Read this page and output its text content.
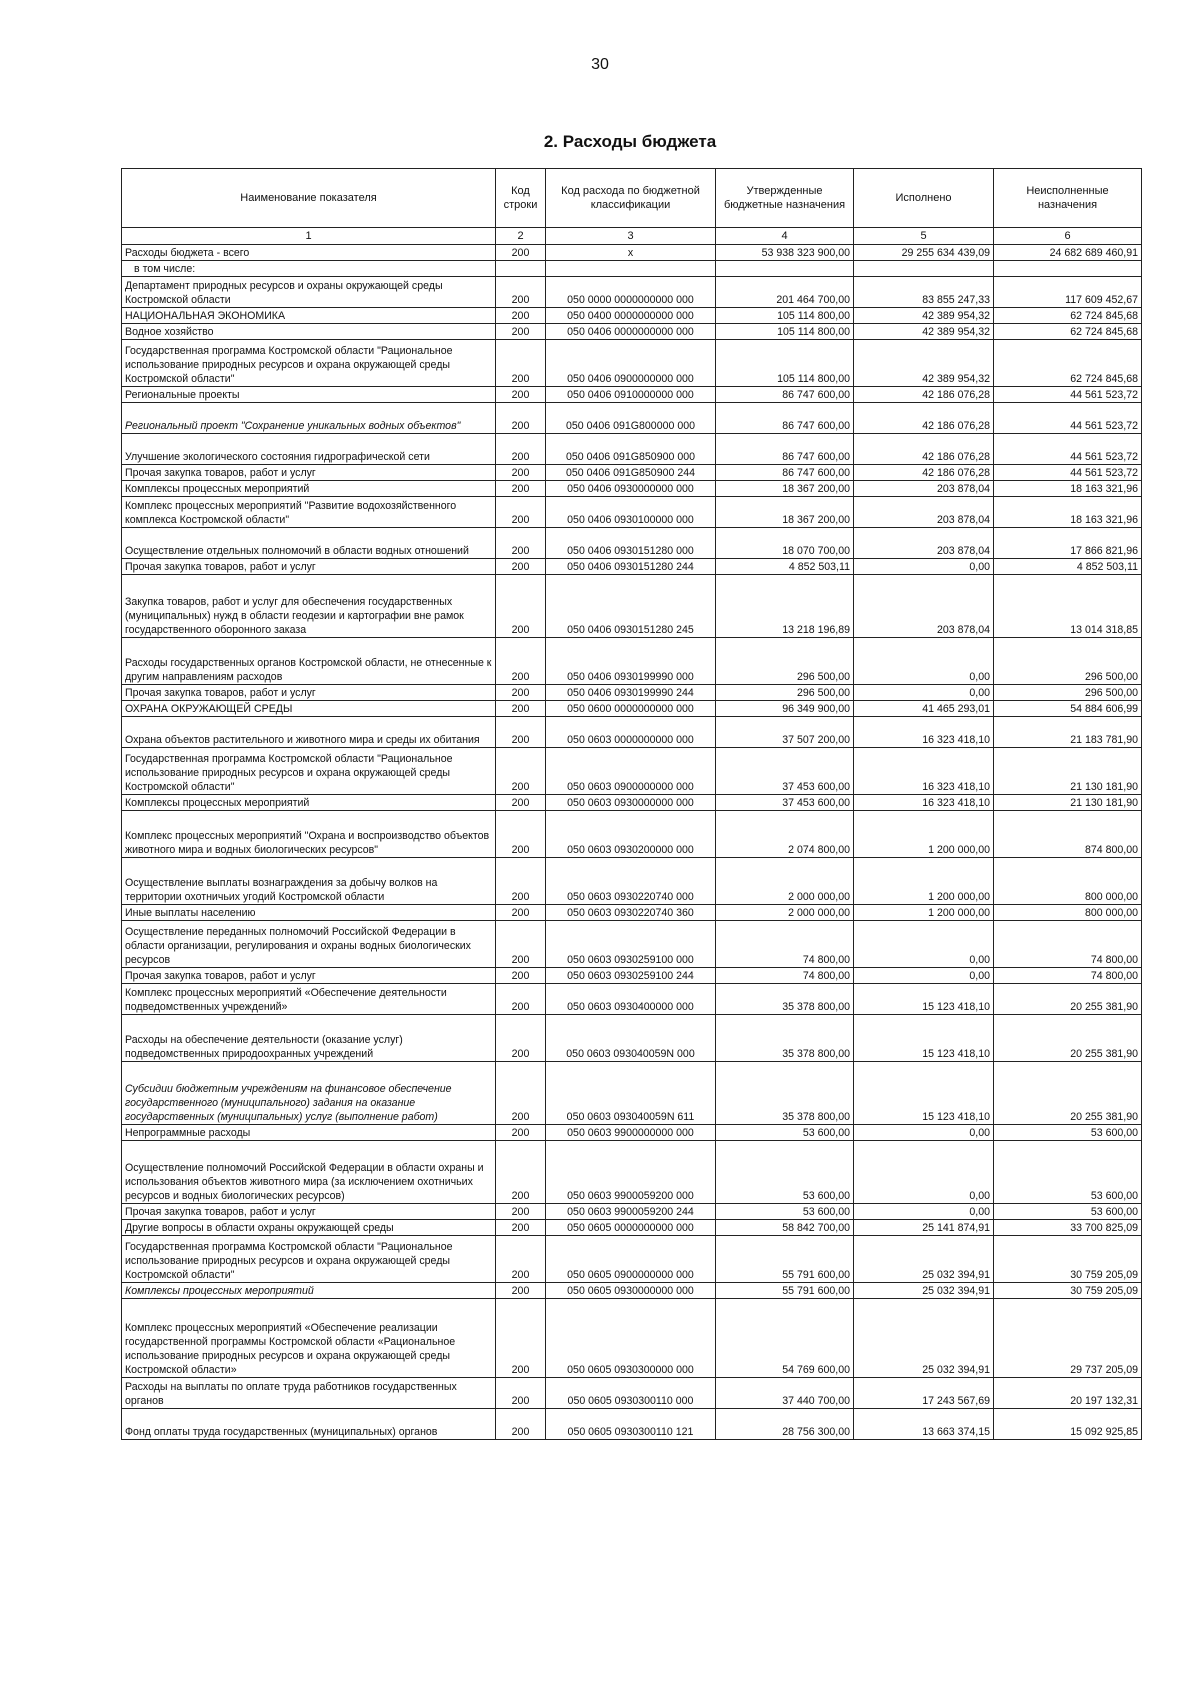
30
2. Расходы бюджета
Наименование показателя	Код строки	Код расхода по бюджетной классификации	Утвержденные бюджетные назначения	Исполнено	Неисполненные назначения
1	2	3	4	5	6
Расходы бюджета - всего	200	x	53 938 323 900,00	29 255 634 439,09	24 682 689 460,91
в том числе:					
Департамент природных ресурсов и охраны окружающей среды Костромской области	200	050 0000 0000000000 000	201 464 700,00	83 855 247,33	117 609 452,67
НАЦИОНАЛЬНАЯ ЭКОНОМИКА	200	050 0400 0000000000 000	105 114 800,00	42 389 954,32	62 724 845,68
Водное хозяйство	200	050 0406 0000000000 000	105 114 800,00	42 389 954,32	62 724 845,68
Государственная программа Костромской области "Рациональное использование природных ресурсов и охрана окружающей среды Костромской области"	200	050 0406 0900000000 000	105 114 800,00	42 389 954,32	62 724 845,68
Региональные проекты	200	050 0406 0910000000 000	86 747 600,00	42 186 076,28	44 561 523,72
Региональный проект "Сохранение уникальных водных объектов"	200	050 0406 091G800000 000	86 747 600,00	42 186 076,28	44 561 523,72
Улучшение экологического состояния гидрографической сети	200	050 0406 091G850900 000	86 747 600,00	42 186 076,28	44 561 523,72
Прочая закупка товаров, работ и услуг	200	050 0406 091G850900 244	86 747 600,00	42 186 076,28	44 561 523,72
Комплексы процессных мероприятий	200	050 0406 0930000000 000	18 367 200,00	203 878,04	18 163 321,96
Комплекс процессных мероприятий "Развитие водохозяйственного комплекса Костромской области"	200	050 0406 0930100000 000	18 367 200,00	203 878,04	18 163 321,96
Осуществление отдельных полномочий в области водных отношений	200	050 0406 0930151280 000	18 070 700,00	203 878,04	17 866 821,96
Прочая закупка товаров, работ и услуг	200	050 0406 0930151280 244	4 852 503,11	0,00	4 852 503,11
Закупка товаров, работ и услуг для обеспечения государственных (муниципальных) нужд в области геодезии и картографии вне рамок государственного оборонного заказа	200	050 0406 0930151280 245	13 218 196,89	203 878,04	13 014 318,85
Расходы государственных органов Костромской области, не отнесенные к другим направлениям расходов	200	050 0406 0930199990 000	296 500,00	0,00	296 500,00
Прочая закупка товаров, работ и услуг	200	050 0406 0930199990 244	296 500,00	0,00	296 500,00
ОХРАНА ОКРУЖАЮЩЕЙ СРЕДЫ	200	050 0600 0000000000 000	96 349 900,00	41 465 293,01	54 884 606,99
Охрана объектов растительного и животного мира и среды их обитания	200	050 0603 0000000000 000	37 507 200,00	16 323 418,10	21 183 781,90
Государственная программа Костромской области "Рациональное использование природных ресурсов и охрана окружающей среды Костромской области"	200	050 0603 0900000000 000	37 453 600,00	16 323 418,10	21 130 181,90
Комплексы процессных мероприятий	200	050 0603 0930000000 000	37 453 600,00	16 323 418,10	21 130 181,90
Комплекс процессных мероприятий "Охрана и воспроизводство объектов животного мира и водных биологических ресурсов"	200	050 0603 0930200000 000	2 074 800,00	1 200 000,00	874 800,00
Осуществление выплаты вознаграждения за добычу волков на территории охотничьих угодий Костромской области	200	050 0603 0930220740 000	2 000 000,00	1 200 000,00	800 000,00
Иные выплаты населению	200	050 0603 0930220740 360	2 000 000,00	1 200 000,00	800 000,00
Осуществление переданных полномочий Российской Федерации в области организации, регулирования и охраны водных биологических ресурсов	200	050 0603 0930259100 000	74 800,00	0,00	74 800,00
Прочая закупка товаров, работ и услуг	200	050 0603 0930259100 244	74 800,00	0,00	74 800,00
Комплекс процессных мероприятий «Обеспечение деятельности подведомственных учреждений»	200	050 0603 0930400000 000	35 378 800,00	15 123 418,10	20 255 381,90
Расходы на обеспечение деятельности (оказание услуг) подведомственных природоохранных учреждений	200	050 0603 093040059N 000	35 378 800,00	15 123 418,10	20 255 381,90
Субсидии бюджетным учреждениям на финансовое обеспечение государственного (муниципального) задания на оказание государственных (муниципальных) услуг (выполнение работ)	200	050 0603 093040059N 611	35 378 800,00	15 123 418,10	20 255 381,90
Непрограммные расходы	200	050 0603 9900000000 000	53 600,00	0,00	53 600,00
Осуществление полномочий Российской Федерации в области охраны и использования объектов животного мира (за исключением охотничьих ресурсов и водных биологических ресурсов)	200	050 0603 9900059200 000	53 600,00	0,00	53 600,00
Прочая закупка товаров, работ и услуг	200	050 0603 9900059200 244	53 600,00	0,00	53 600,00
Другие вопросы в области охраны окружающей среды	200	050 0605 0000000000 000	58 842 700,00	25 141 874,91	33 700 825,09
Государственная программа Костромской области "Рациональное использование природных ресурсов и охрана окружающей среды Костромской области"	200	050 0605 0900000000 000	55 791 600,00	25 032 394,91	30 759 205,09
Комплексы процессных мероприятий	200	050 0605 0930000000 000	55 791 600,00	25 032 394,91	30 759 205,09
Комплекс процессных мероприятий «Обеспечение реализации государственной программы Костромской области «Рациональное использование природных ресурсов и охрана окружающей среды Костромской области»	200	050 0605 0930300000 000	54 769 600,00	25 032 394,91	29 737 205,09
Расходы на выплаты по оплате труда работников государственных органов	200	050 0605 0930300110 000	37 440 700,00	17 243 567,69	20 197 132,31
Фонд оплаты труда государственных (муниципальных) органов	200	050 0605 0930300110 121	28 756 300,00	13 663 374,15	15 092 925,85
